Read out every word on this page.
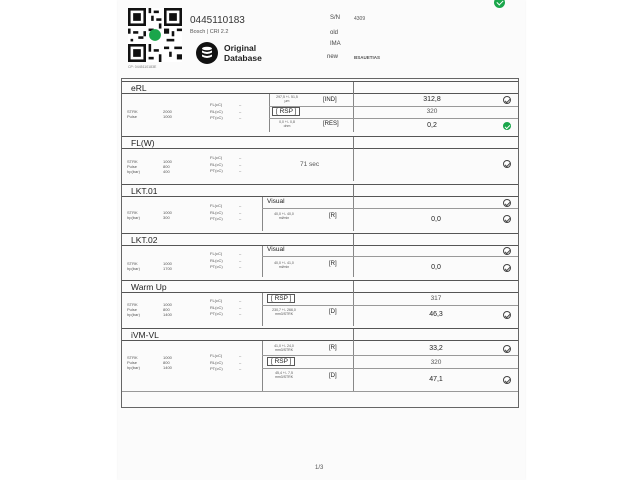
CP: 0445110183E
0445110183
Bosch | CRI 2.2
Original
Database
S/N	4309
old
IMA
new	BSAUETIAS
eRL
STRK	2000
Pulse	1000
FL(cC)	–
RL(cC)	–
PT(cC)	–
297,5 +/- 51,5
µm	[IND]	312,8
[ RSP ]	320
0,0 +/- 0,8
ohm	[RES]	0,2
FL(W)
STRK	1000
Pulse	800
hp(bar)	400
FL(cC)	–
RL(cC)	–
PT(cC)	–
71 sec
LKT.01
STRK	1000
hp(bar)	300
FL(cC)	–
RL(cC)	–
PT(cC)	–
Visual
40,0 +/- 40,0
ml/min	[R]	0,0
LKT.02
STRK	1000
hp(bar)	1700
FL(cC)	–
RL(cC)	–
PT(cC)	–
Visual
40,0 +/- 41,0
ml/min	[R]	0,0
Warm Up
STRK	1000
Pulse	800
hp(bar)	1400
FL(cC)	–
RL(cC)	–
PT(cC)	–
[ RSP ]	317
230,7 +/- 266,0
mm3/STRK	[D]	46,3
iVM-VL
STRK	1000
Pulse	800
hp(bar)	1400
FL(cC)	–
RL(cC)	–
PT(cC)	–
41,0 +/- 24,0
mm3/STRK	[R]	33,2
[ RSP ]	320
45,4 +/- 7,5
mm3/STRK	[D]	47,1
1/3
